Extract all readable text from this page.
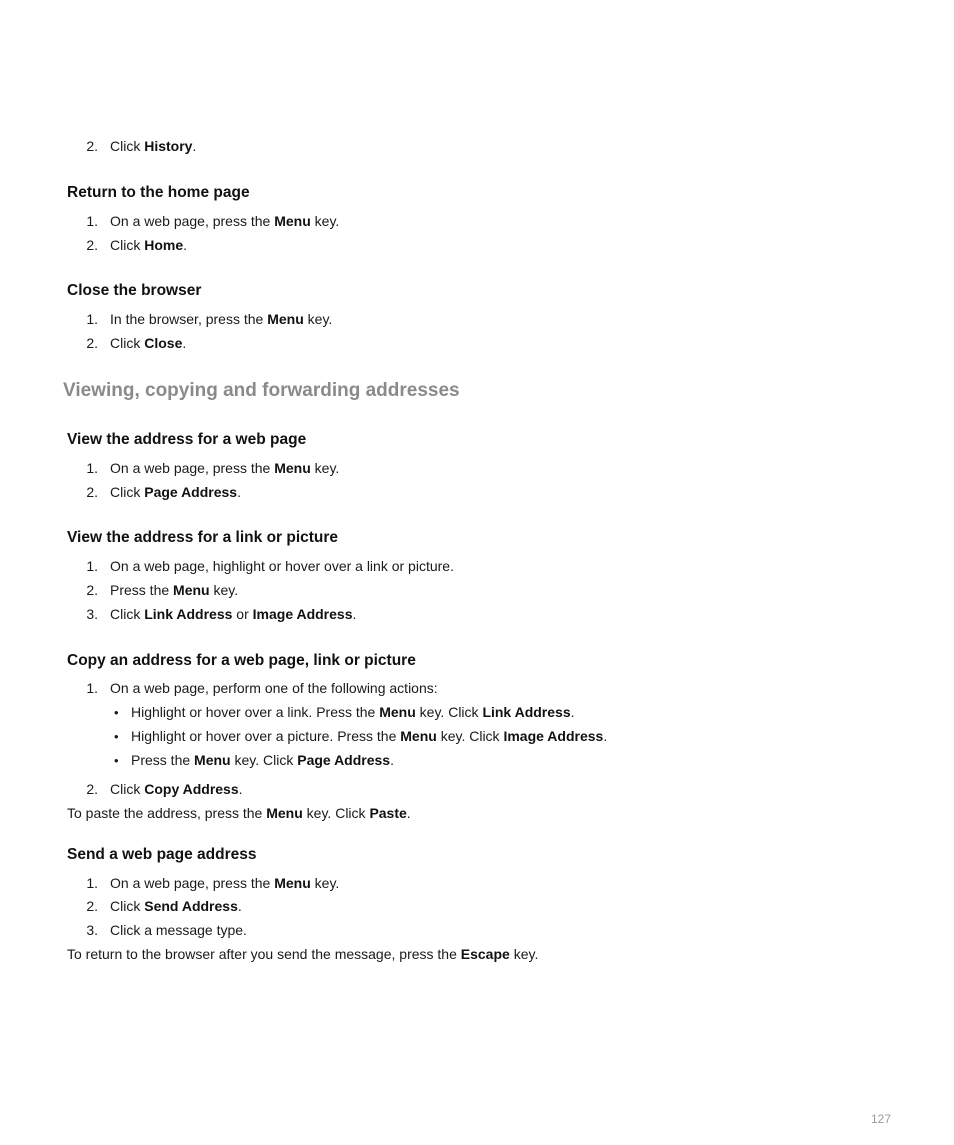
2. Click History.
Return to the home page
1. On a web page, press the Menu key.
2. Click Home.
Close the browser
1. In the browser, press the Menu key.
2. Click Close.
Viewing, copying and forwarding addresses
View the address for a web page
1. On a web page, press the Menu key.
2. Click Page Address.
View the address for a link or picture
1. On a web page, highlight or hover over a link or picture.
2. Press the Menu key.
3. Click Link Address or Image Address.
Copy an address for a web page, link or picture
1. On a web page, perform one of the following actions:
• Highlight or hover over a link. Press the Menu key. Click Link Address.
• Highlight or hover over a picture. Press the Menu key. Click Image Address.
• Press the Menu key. Click Page Address.
2. Click Copy Address.
To paste the address, press the Menu key. Click Paste.
Send a web page address
1. On a web page, press the Menu key.
2. Click Send Address.
3. Click a message type.
To return to the browser after you send the message, press the Escape key.
127
